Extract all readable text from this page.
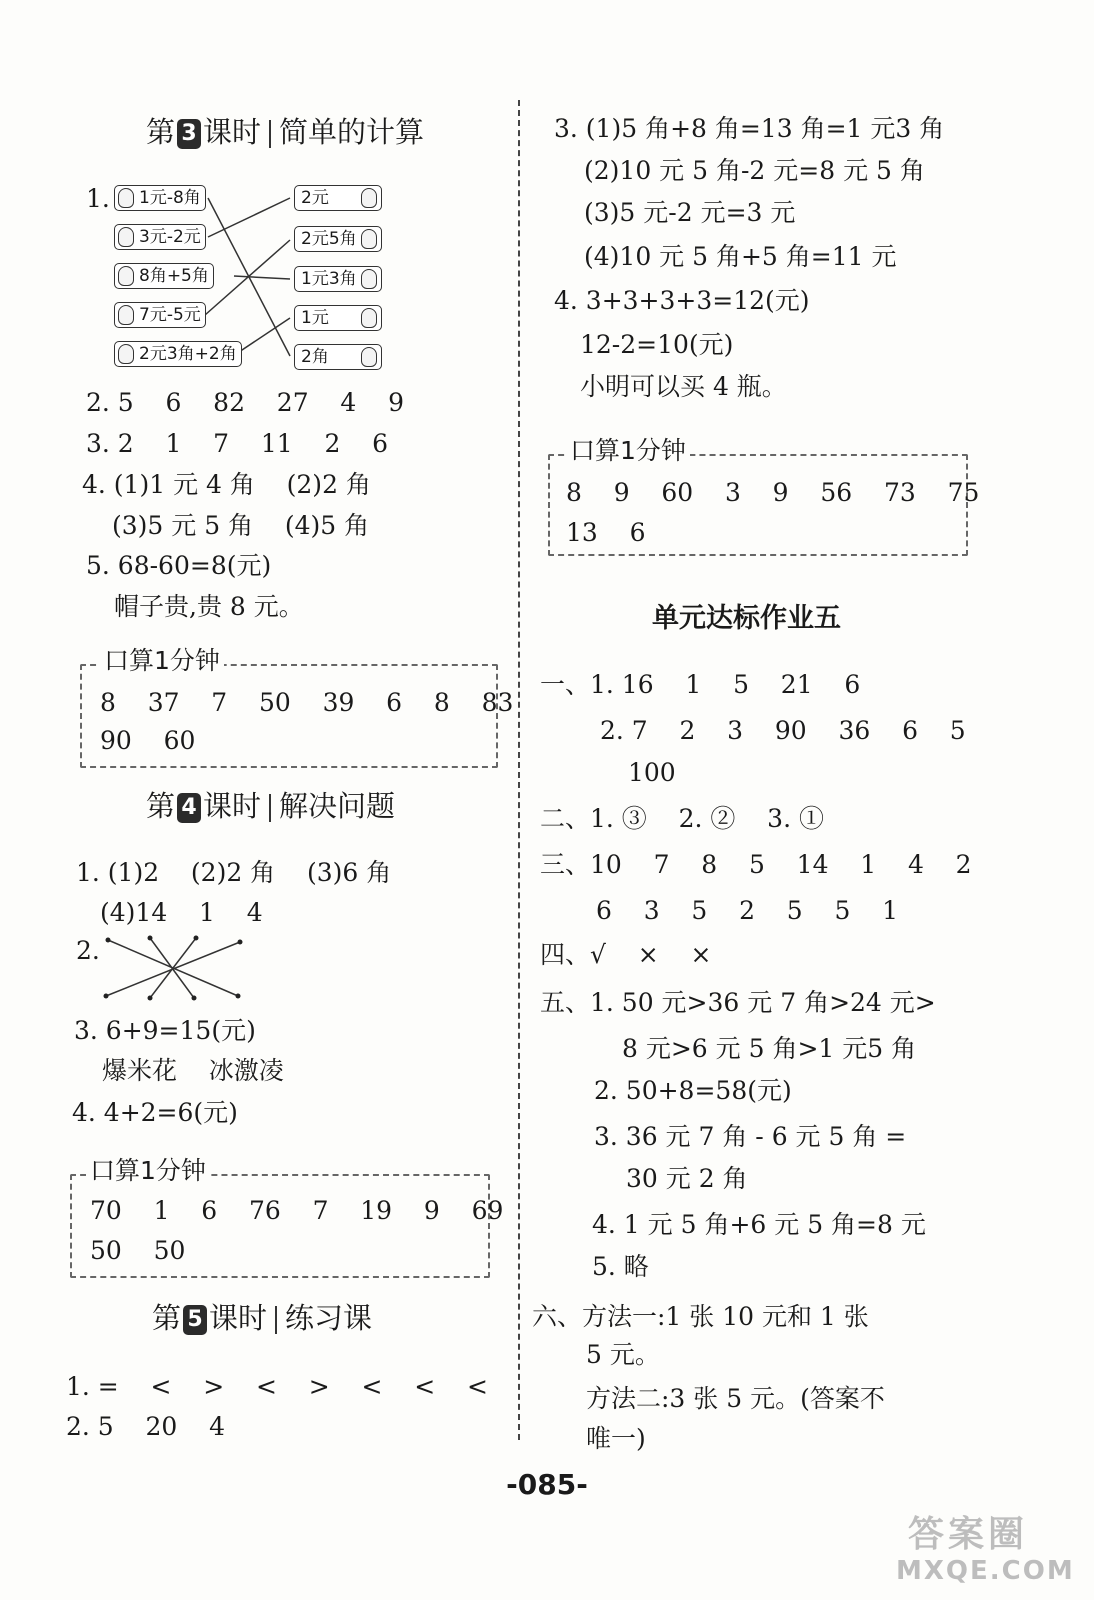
第 3 课时 简单的计算
1.	1元-8角
3元-2元
8角+5角
7元-5元
2元3角+2角
2元
2元5角
1元3角
1元
2角
2. 5    6    82    27    4    9
3. 2    1    7    11    2    6
4. (1)1 元 4 角    (2)2 角
(3)5 元 5 角    (4)5 角
5. 68-60=8(元)
帽子贵,贵 8 元。
口算1分钟
8    37    7    50    39    6    8    83
90    60
第 4 课时 解决问题
1. (1)2    (2)2 角    (3)6 角
(4)14    1    4
2.
3. 6+9=15(元)
爆米花    冰激凌
4. 4+2=6(元)
口算1分钟
70    1    6    76    7    19    9    69
50    50
第 5 课时 练习课
1. =    <    >    <    >    <    <    <
2. 5    20    4
3. (1)5 角+8 角=13 角=1 元3 角
(2)10 元 5 角-2 元=8 元 5 角
(3)5 元-2 元=3 元
(4)10 元 5 角+5 角=11 元
4. 3+3+3+3=12(元)
12-2=10(元)
小明可以买 4 瓶。
口算1分钟
8    9    60    3    9    56    73    75
13    6
单元达标作业五
一、1. 16    1    5    21    6
2. 7    2    3    90    36    6    5
100
二、1. ③    2. ②    3. ①
三、10    7    8    5    14    1    4    2
6    3    5    2    5    5    1
四、√    ×    ×
五、1. 50 元>36 元 7 角>24 元>
8 元>6 元 5 角>1 元5 角
2. 50+8=58(元)
3. 36 元 7 角 - 6 元 5 角 =
30 元 2 角
4. 1 元 5 角+6 元 5 角=8 元
5. 略
六、方法一:1 张 10 元和 1 张
5 元。
方法二:3 张 5 元。(答案不
唯一)
-085-
答案圈
MXQE.COM
